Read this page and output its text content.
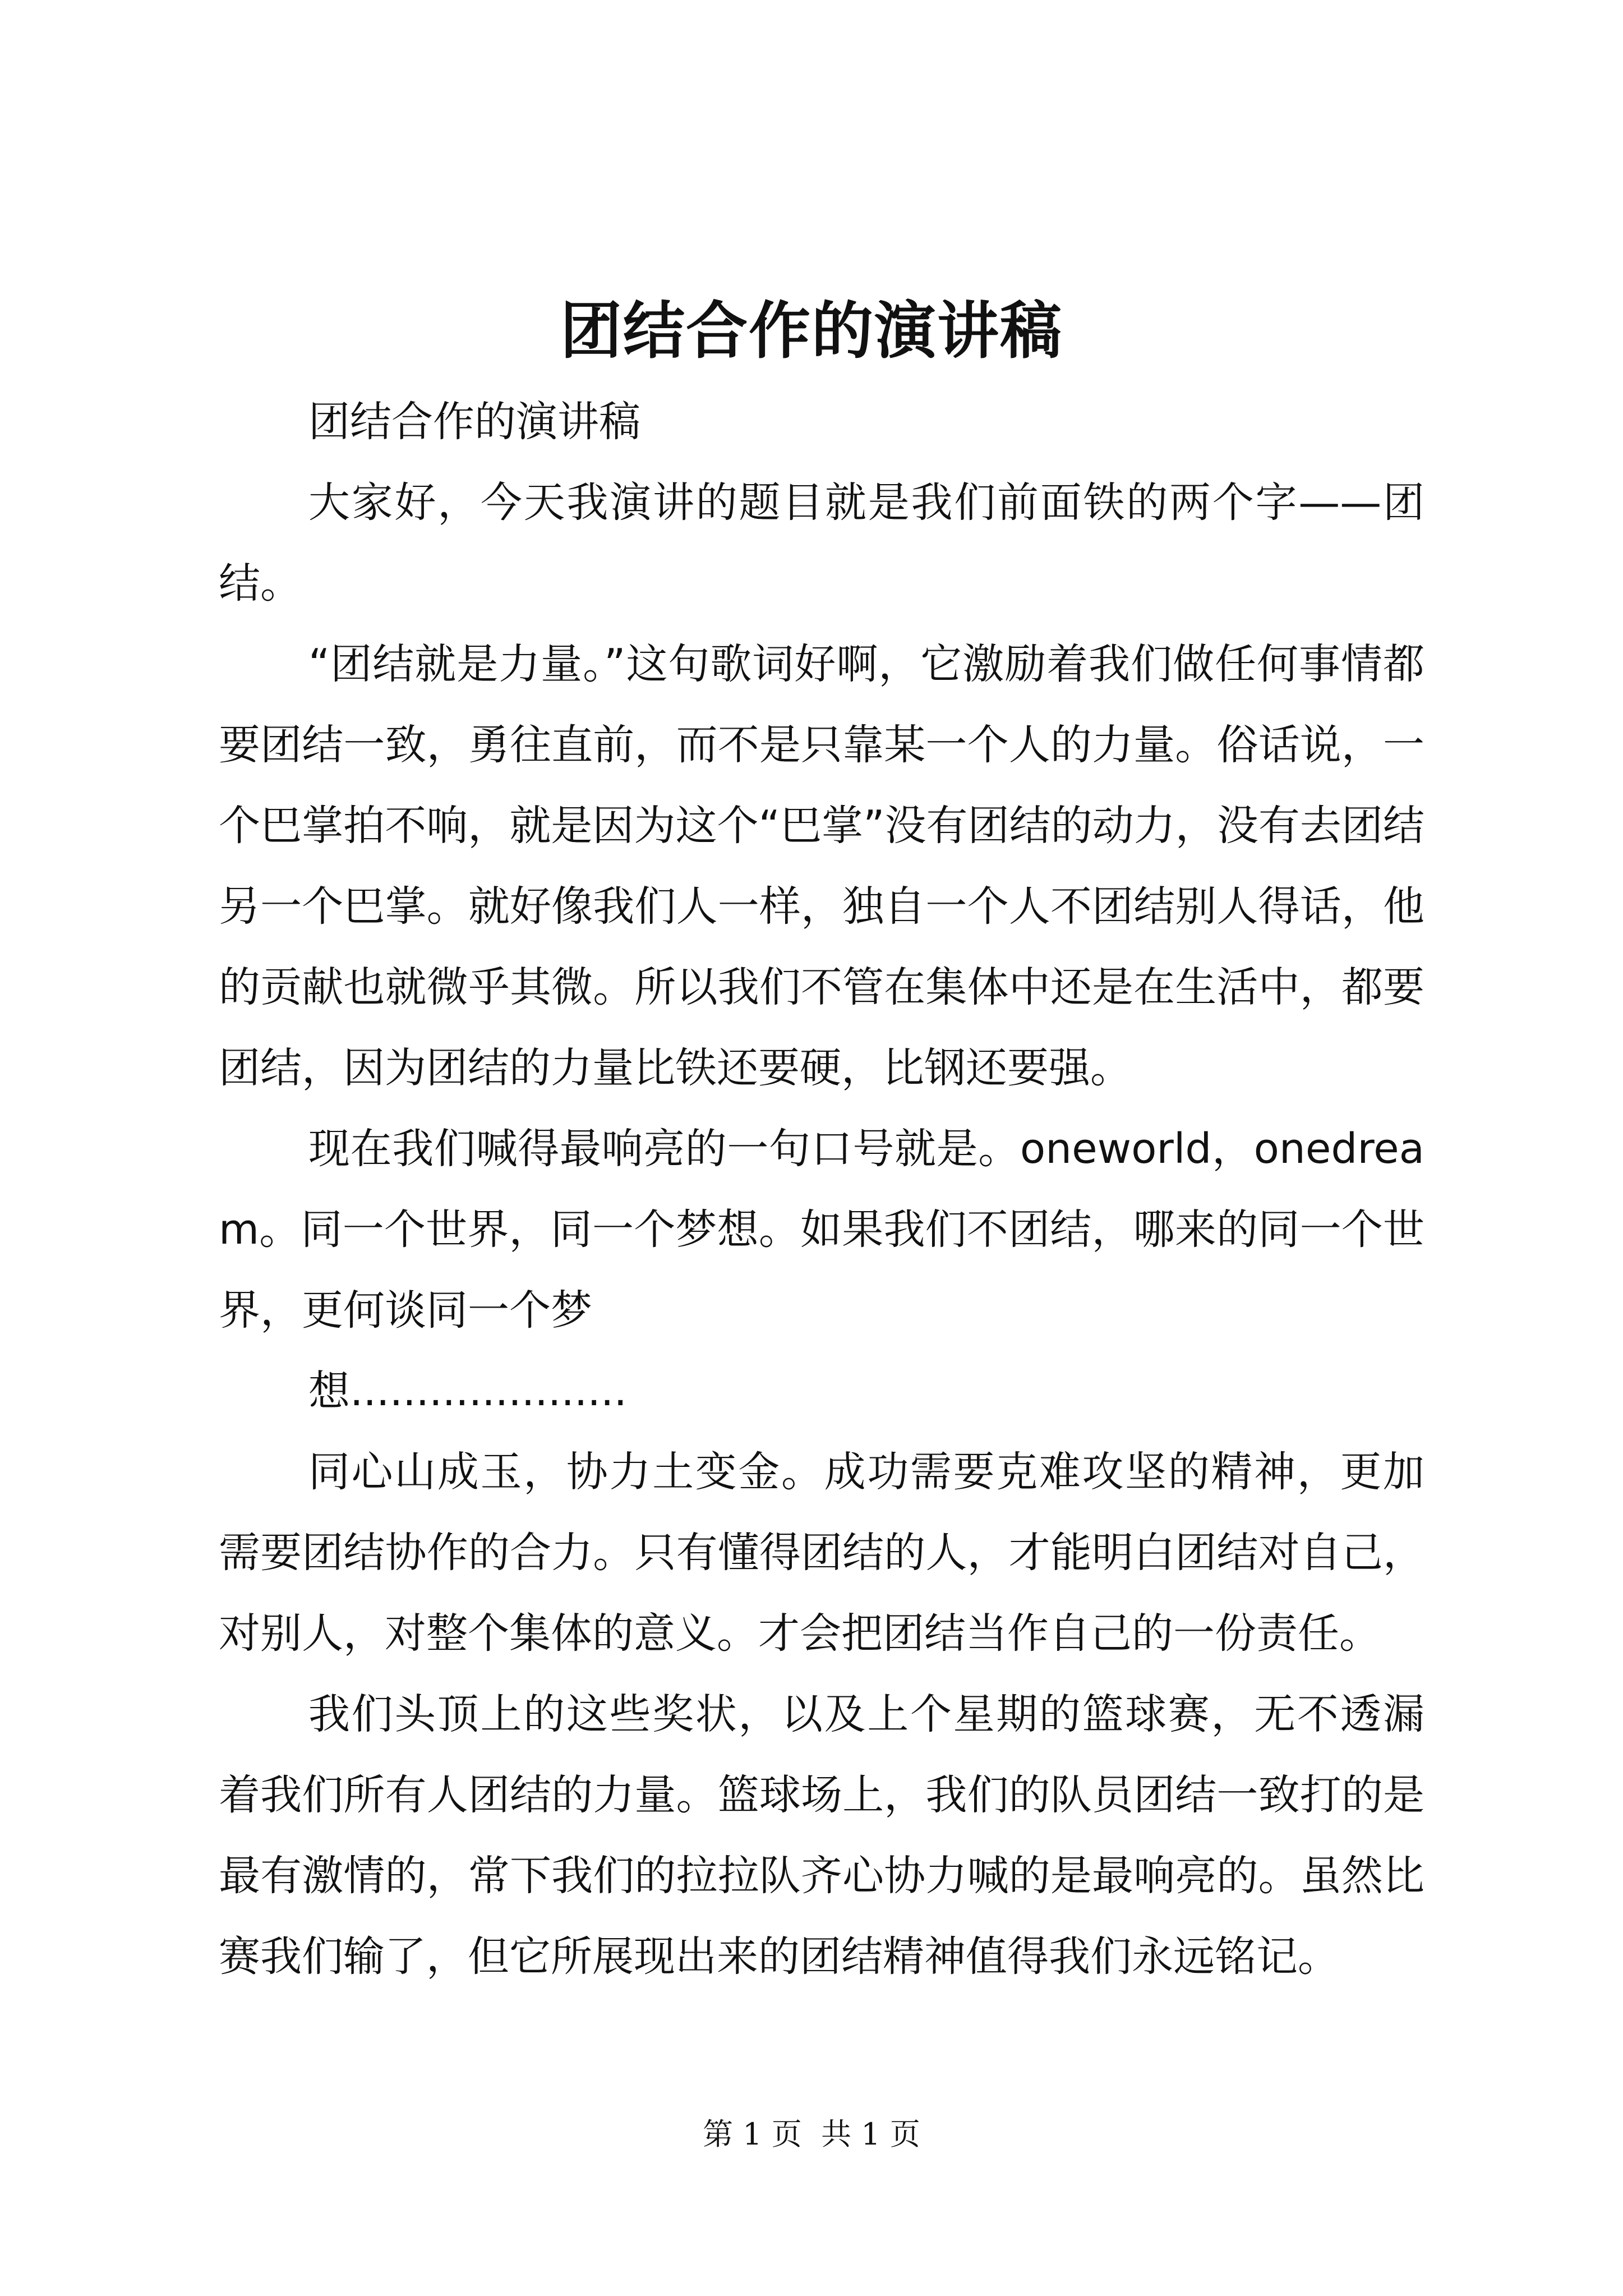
团结合作的演讲稿

团结合作的演讲稿

大家好，今天我演讲的题目就是我们前面铁的两个字——团结。

“团结就是力量。”这句歌词好啊，它激励着我们做任何事情都要团结一致，勇往直前，而不是只靠某一个人的力量。俗话说，一个巴掌拍不响，就是因为这个“巴掌”没有团结的动力，没有去团结另一个巴掌。就好像我们人一样，独自一个人不团结别人得话，他的贡献也就微乎其微。所以我们不管在集体中还是在生活中，都要团结，因为团结的力量比铁还要硬，比钢还要强。

现在我们喊得最响亮的一句口号就是。oneworld，onedream。同一个世界，同一个梦想。如果我们不团结，哪来的同一个世界，更何谈同一个梦

想.....................

同心山成玉，协力土变金。成功需要克难攻坚的精神，更加需要团结协作的合力。只有懂得团结的人，才能明白团结对自己，对别人，对整个集体的意义。才会把团结当作自己的一份责任。

我们头顶上的这些奖状，以及上个星期的篮球赛，无不透漏着我们所有人团结的力量。篮球场上，我们的队员团结一致打的是最有激情的，常下我们的拉拉队齐心协力喊的是最响亮的。虽然比赛我们输了，但它所展现出来的团结精神值得我们永远铭记。

第 1 页 共 1 页
